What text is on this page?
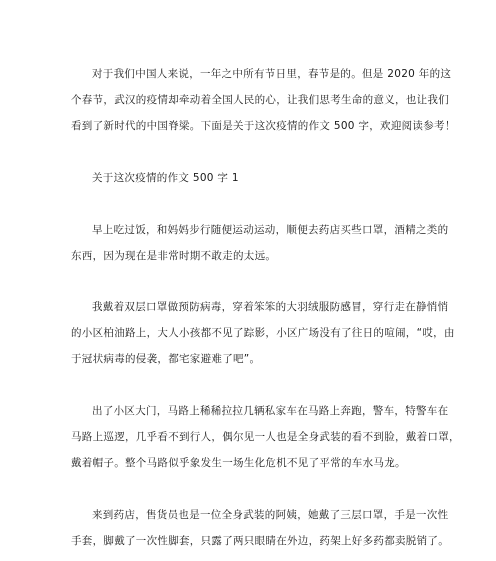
对于我们中国人来说，一年之中所有节日里，春节是的。但是 2020 年的这
个春节，武汉的疫情却牵动着全国人民的心，让我们思考生命的意义，也让我们
看到了新时代的中国脊梁。下面是关于这次疫情的作文 500 字，欢迎阅读参考！
关于这次疫情的作文 500 字 1
早上吃过饭，和妈妈步行随便运动运动，顺便去药店买些口罩，酒精之类的
东西，因为现在是非常时期不敢走的太远。
我戴着双层口罩做预防病毒，穿着笨笨的大羽绒服防感冒，穿行走在静悄悄
的小区柏油路上，大人小孩都不见了踪影，小区广场没有了往日的喧闹，“哎，由
于冠状病毒的侵袭，都宅家避难了吧”。
出了小区大门，马路上稀稀拉拉几辆私家车在马路上奔跑，警车，特警车在
马路上巡逻，几乎看不到行人，偶尔见一人也是全身武装的看不到脸，戴着口罩，
戴着帽子。整个马路似乎象发生一场生化危机不见了平常的车水马龙。
来到药店，售货员也是一位全身武装的阿姨，她戴了三层口罩，手是一次性
手套，脚戴了一次性脚套，只露了两只眼睛在外边，药架上好多药都卖脱销了。
